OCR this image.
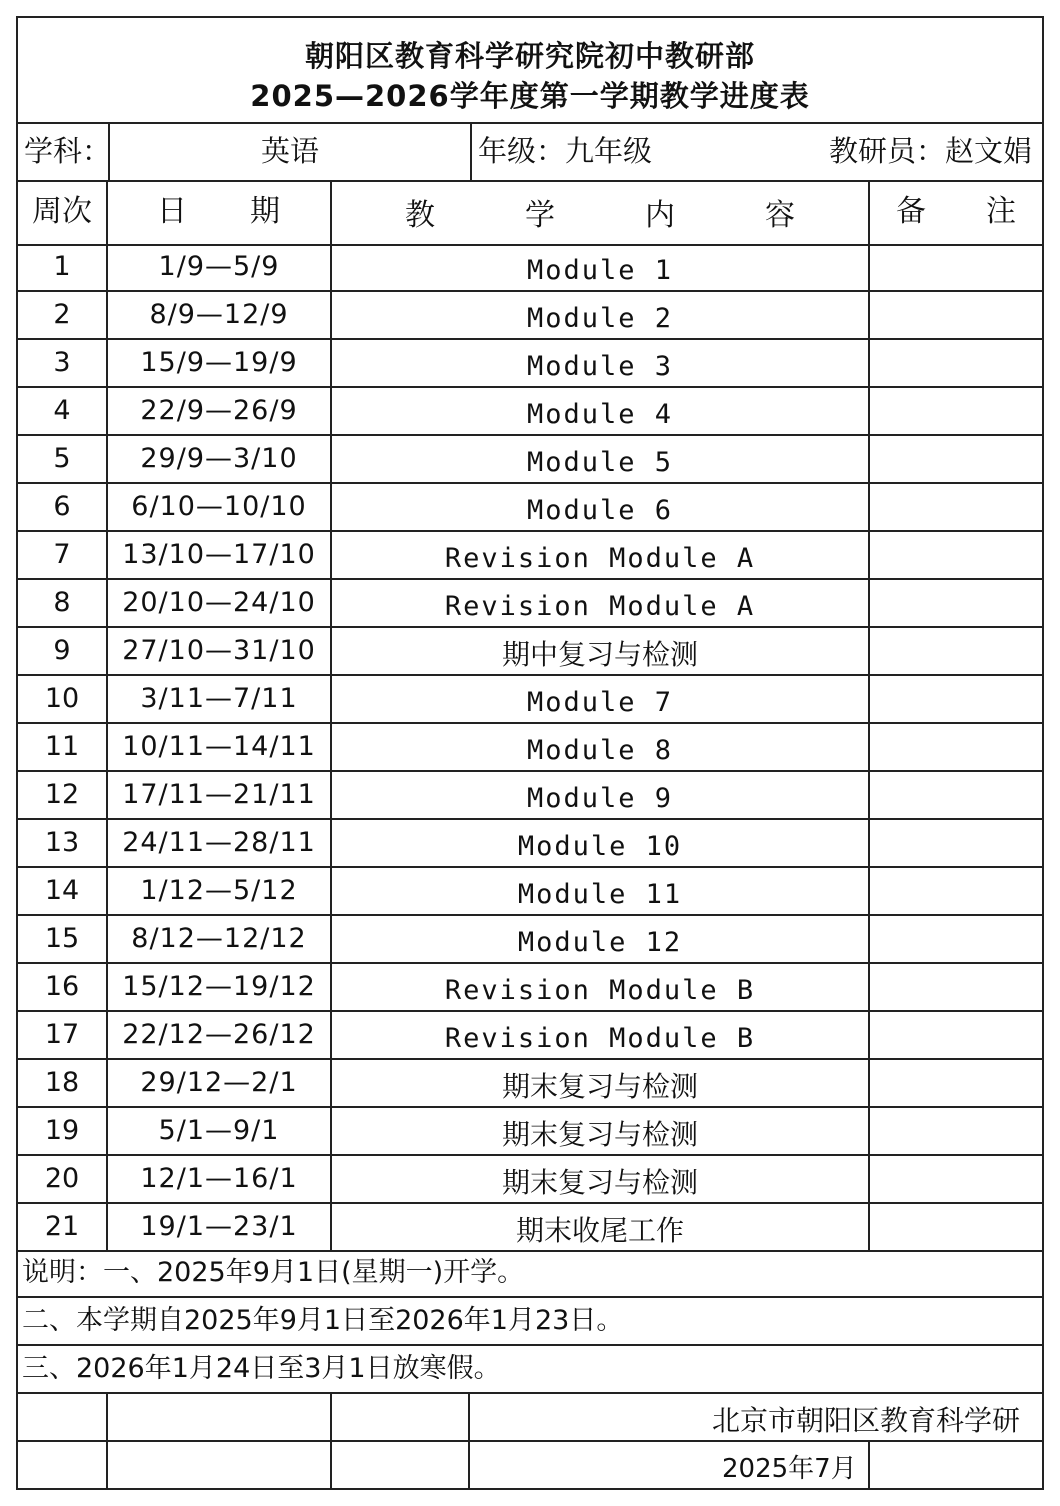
朝阳区教育科学研究院初中教研部
2025—2026学年度第一学期教学进度表
学科：	英语	年级：九年级	教研员：赵文娟
周次	日　　期	教　　　学　　　内　　　容	备　　注
1	1/9—5/9	Module 1
2	8/9—12/9	Module 2
3	15/9—19/9	Module 3
4	22/9—26/9	Module 4
5	29/9—3/10	Module 5
6	6/10—10/10	Module 6
7	13/10—17/10	Revision Module A
8	20/10—24/10	Revision Module A
9	27/10—31/10	期中复习与检测
10	3/11—7/11	Module 7
11	10/11—14/11	Module 8
12	17/11—21/11	Module 9
13	24/11—28/11	Module 10
14	1/12—5/12	Module 11
15	8/12—12/12	Module 12
16	15/12—19/12	Revision Module B
17	22/12—26/12	Revision Module B
18	29/12—2/1	期末复习与检测
19	5/1—9/1	期末复习与检测
20	12/1—16/1	期末复习与检测
21	19/1—23/1	期末收尾工作
说明：一、2025年9月1日(星期一)开学。
二、本学期自2025年9月1日至2026年1月23日。
三、2026年1月24日至3月1日放寒假。
北京市朝阳区教育科学研
2025年7月
